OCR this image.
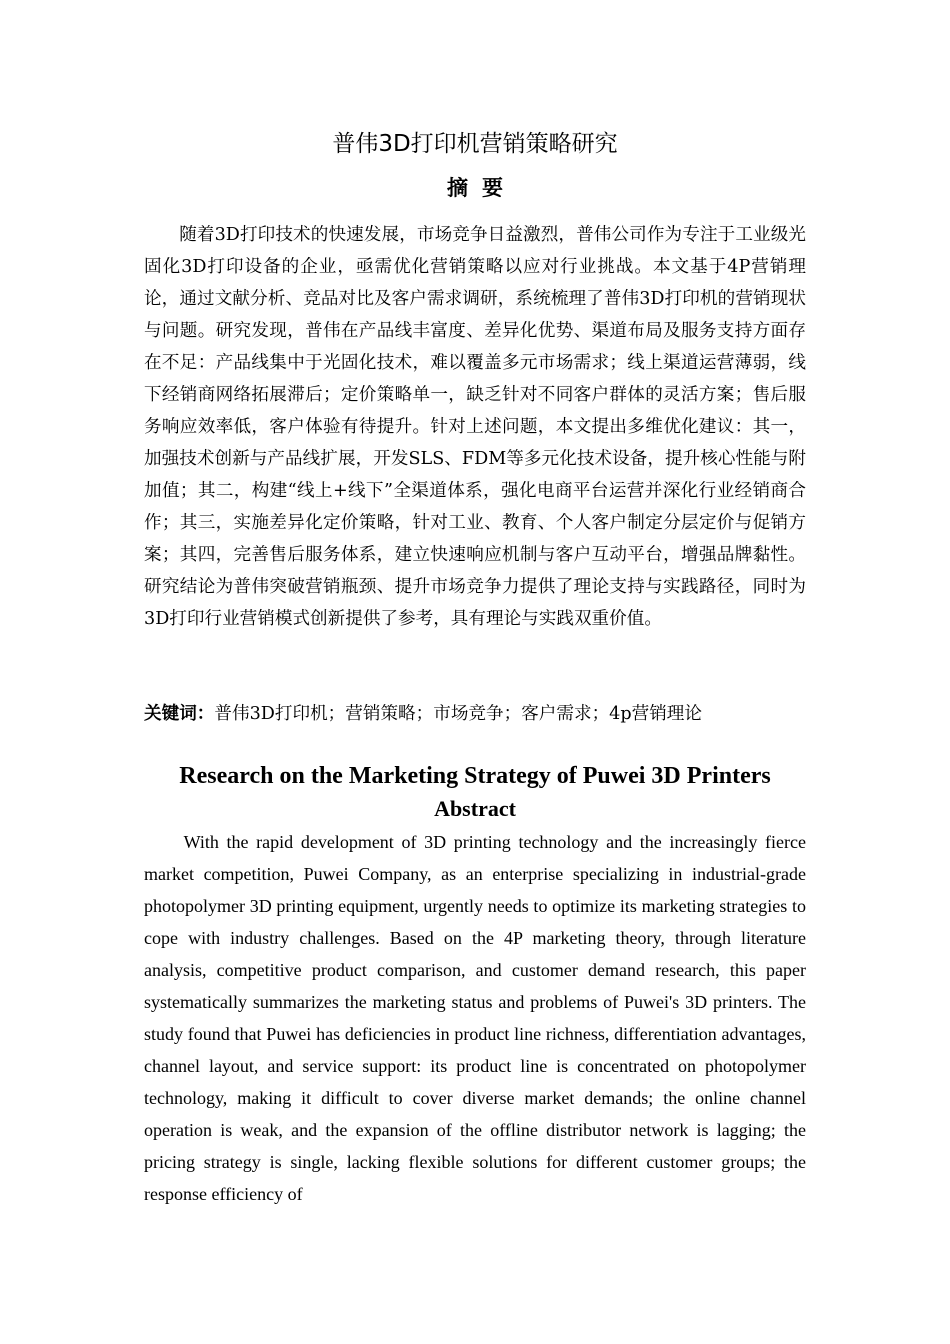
普伟3D打印机营销策略研究
摘要

随着3D打印技术的快速发展，市场竞争日益激烈，普伟公司作为专注于工业级光固化3D打印设备的企业，亟需优化营销策略以应对行业挑战。本文基于4P营销理论，通过文献分析、竞品对比及客户需求调研，系统梳理了普伟3D打印机的营销现状与问题。研究发现，普伟在产品线丰富度、差异化优势、渠道布局及服务支持方面存在不足：产品线集中于光固化技术，难以覆盖多元市场需求；线上渠道运营薄弱，线下经销商网络拓展滞后；定价策略单一，缺乏针对不同客户群体的灵活方案；售后服务响应效率低，客户体验有待提升。针对上述问题，本文提出多维优化建议：其一，加强技术创新与产品线扩展，开发SLS、FDM等多元化技术设备，提升核心性能与附加值；其二，构建“线上+线下”全渠道体系，强化电商平台运营并深化行业经销商合作；其三，实施差异化定价策略，针对工业、教育、个人客户制定分层定价与促销方案；其四，完善售后服务体系，建立快速响应机制与客户互动平台，增强品牌黏性。研究结论为普伟突破营销瓶颈、提升市场竞争力提供了理论支持与实践路径，同时为3D打印行业营销模式创新提供了参考，具有理论与实践双重价值。

关键词：普伟3D打印机；营销策略；市场竞争；客户需求；4p营销理论

Research on the Marketing Strategy of Puwei 3D Printers
Abstract

With the rapid development of 3D printing technology and the increasingly fierce market competition, Puwei Company, as an enterprise specializing in industrial-grade photopolymer 3D printing equipment, urgently needs to optimize its marketing strategies to cope with industry challenges. Based on the 4P marketing theory, through literature analysis, competitive product comparison, and customer demand research, this paper systematically summarizes the marketing status and problems of Puwei's 3D printers. The study found that Puwei has deficiencies in product line richness, differentiation advantages, channel layout, and service support: its product line is concentrated on photopolymer technology, making it difficult to cover diverse market demands; the online channel operation is weak, and the expansion of the offline distributor network is lagging; the pricing strategy is single, lacking flexible solutions for different customer groups; the response efficiency of
